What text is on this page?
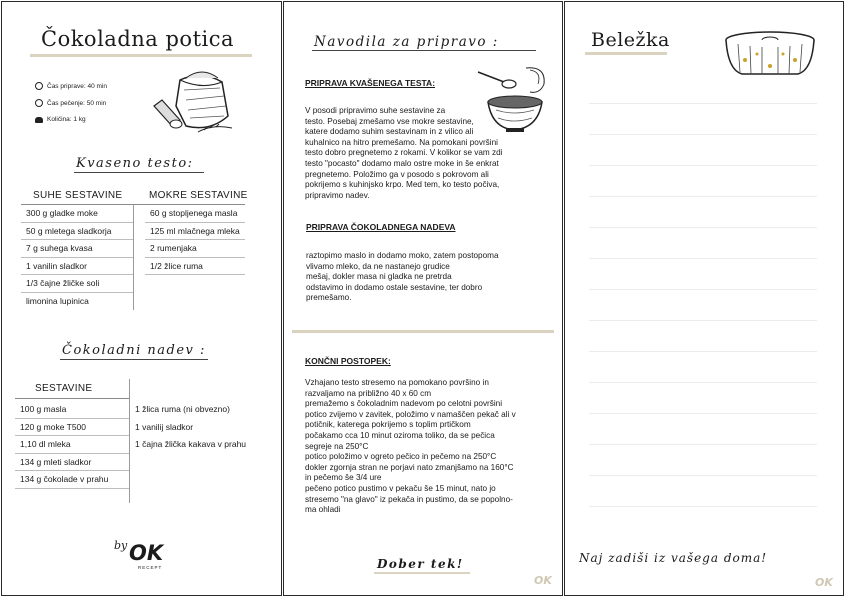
Čokoladna potica
Čas priprave: 40 min
Čas pečenje: 50 min
Količina: 1 kg
Kvaseno testo:
SUHE SESTAVINE	MOKRE SESTAVINE
300 g gladke moke
50 g mletega sladkorja
7 g suhega kvasa
1 vanilin sladkor
1/3 čajne žličke soli
limonina lupinica
60 g stopljenega masla
125 ml mlačnega mleka
2 rumenjaka
1/2 žlice ruma
Čokoladni nadev :
SESTAVINE
100 g masla
120 g moke T500
1,10 dl mleka
134 g mleti sladkor
134 g čokolade v prahu
1 žlica ruma (ni obvezno)
1 vanilij sladkor
1 čajna žlička kakava v prahu
by OK
RECEPT
Navodila za pripravo :
PRIPRAVA KVAŠENEGA TESTA:
V posodi pripravimo suhe sestavine za
testo. Posebaj zmešamo vse mokre sestavine,
katere dodamo suhim sestavinam in z vilico ali
kuhalnico na hitro premešamo. Na pomokani površini
testo dobro pregnetemo z rokami. V kolikor se vam zdi
testo "pocasto" dodamo malo ostre moke in še enkrat
pregnetemo. Položimo ga v posodo s pokrovom ali
pokrijemo s kuhinjsko krpo. Med tem, ko testo počiva,
pripravimo nadev.
PRIPRAVA ČOKOLADNEGA NADEVA
raztopimo maslo in dodamo moko, zatem postopoma
vlivamo mleko, da ne nastanejo grudice
mešaj, dokler masa ni gladka ne pretrda
odstavimo in dodamo ostale sestavine, ter dobro
premešamo.
KONČNI POSTOPEK:
Vzhajano testo stresemo na pomokano površino in
razvaljamo na približno 40 x 60 cm
premažemo s čokoladnim nadevom po celotni površini
potico zvijemo v zavitek, položimo v namaščen pekač ali v
potičnik, katerega pokrijemo s toplim prtičkom
počakamo cca 10 minut oziroma toliko, da se pečica
segreje na 250°C
potico položimo v ogreto pečico in pečemo na 250°C
dokler zgornja stran ne porjavi nato zmanjšamo na 160°C
in pečemo še 3/4 ure
pečeno potico pustimo v pekaču še 15 minut, nato jo
stresemo "na glavo" iz pekača in pustimo, da se popolno-
ma ohladi
Dober tek!
OK
Beležka
Naj zadiši iz vašega doma!
OK
